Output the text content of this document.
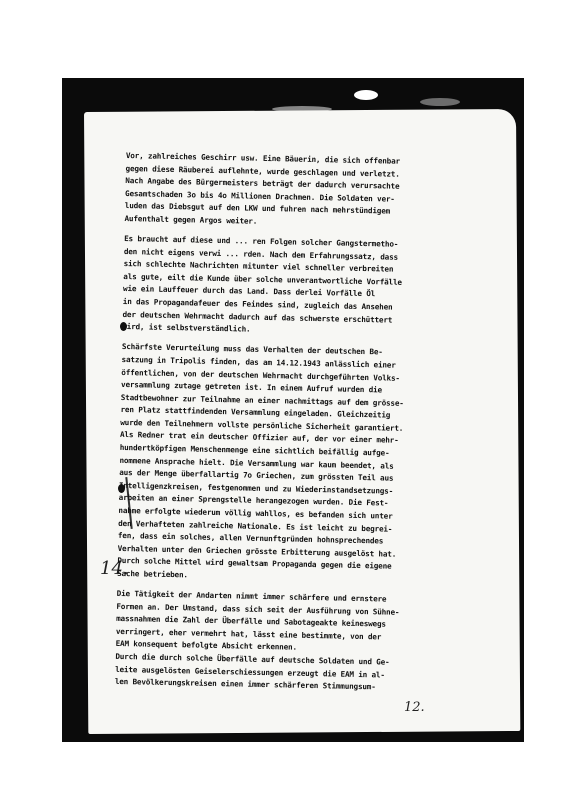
14.
Vor, zahlreiches Geschirr usw. Eine Bäuerin, die sich offenbar
gegen diese Räuberei auflehnte, wurde geschlagen und verletzt.
Nach Angabe des Bürgermeisters beträgt der dadurch verursachte
Gesamtschaden 3o bis 4o Millionen Drachmen. Die Soldaten ver-
luden das Diebsgut auf den LKW und fuhren nach mehrstündigem
Aufenthalt gegen Argos weiter.
Es braucht auf diese und ... ren Folgen solcher Gangstermetho-
den nicht eigens verwi ... rden. Nach dem Erfahrungssatz, dass
sich schlechte Nachrichten mitunter viel schneller verbreiten
als gute, eilt die Kunde über solche unverantwortliche Vorfälle
wie ein Lauffeuer durch das Land. Dass derlei Vorfälle Öl
in das Propagandafeuer des Feindes sind, zugleich das Ansehen
der deutschen Wehrmacht dadurch auf das schwerste erschüttert
wird, ist selbstverständlich.
Schärfste Verurteilung muss das Verhalten der deutschen Be-
satzung in Tripolis finden, das am 14.12.1943 anlässlich einer
öffentlichen, von der deutschen Wehrmacht durchgeführten Volks-
versammlung zutage getreten ist. In einem Aufruf wurden die
Stadtbewohner zur Teilnahme an einer nachmittags auf dem grösse-
ren Platz stattfindenden Versammlung eingeladen. Gleichzeitig
wurde den Teilnehmern vollste persönliche Sicherheit garantiert.
Als Redner trat ein deutscher Offizier auf, der vor einer mehr-
hundertköpfigen Menschenmenge eine sichtlich beifällig aufge-
nommene Ansprache hielt. Die Versammlung war kaum beendet, als
aus der Menge überfallartig 7o Griechen, zum grössten Teil aus
Intelligenzkreisen, festgenommen und zu Wiederinstandsetzungs-
arbeiten an einer Sprengstelle herangezogen wurden. Die Fest-
nahme erfolgte wiederum völlig wahllos, es befanden sich unter
den Verhafteten zahlreiche Nationale. Es ist leicht zu begrei-
fen, dass ein solches, allen Vernunftgründen hohnsprechendes
Verhalten unter den Griechen grösste Erbitterung ausgelöst hat.
Durch solche Mittel wird gewaltsam Propaganda gegen die eigene
Sache betrieben.
Die Tätigkeit der Andarten nimmt immer schärfere und ernstere
Formen an. Der Umstand, dass sich seit der Ausführung von Sühne-
massnahmen die Zahl der Überfälle und Sabotageakte keineswegs
verringert, eher vermehrt hat, lässt eine bestimmte, von der
EAM konsequent befolgte Absicht erkennen.
Durch die durch solche Überfälle auf deutsche Soldaten und Ge-
leite ausgelösten Geiselerschiessungen erzeugt die EAM in al-
len Bevölkerungskreisen einen immer schärferen Stimmungsum-
12.
